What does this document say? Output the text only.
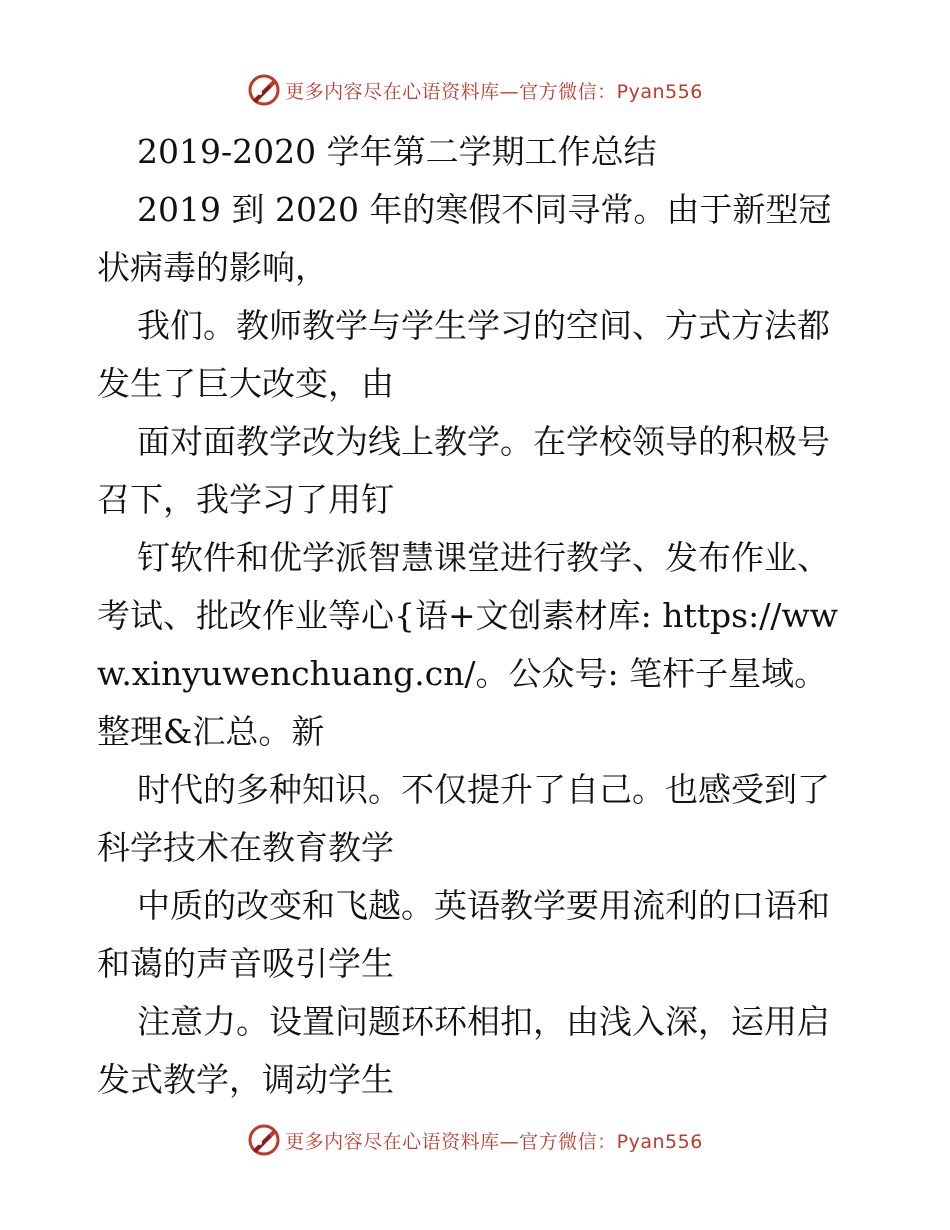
更多内容尽在心语资料库—官方微信：Pyan556

2019-2020 学年第二学期工作总结

2019 到 2020 年的寒假不同寻常。由于新型冠状病毒的影响，

我们。教师教学与学生学习的空间、方式方法都发生了巨大改变，由

面对面教学改为线上教学。在学校领导的积极号召下，我学习了用钉

钉软件和优学派智慧课堂进行教学、发布作业、考试、批改作业等心{语+文创素材库: https://www.xinyuwenchuang.cn/。公众号: 笔杆子星域。整理&汇总。新

时代的多种知识。不仅提升了自己。也感受到了科学技术在教育教学

中质的改变和飞越。英语教学要用流利的口语和和蔼的声音吸引学生

注意力。设置问题环环相扣，由浅入深，运用启发式教学，调动学生

更多内容尽在心语资料库—官方微信：Pyan556
